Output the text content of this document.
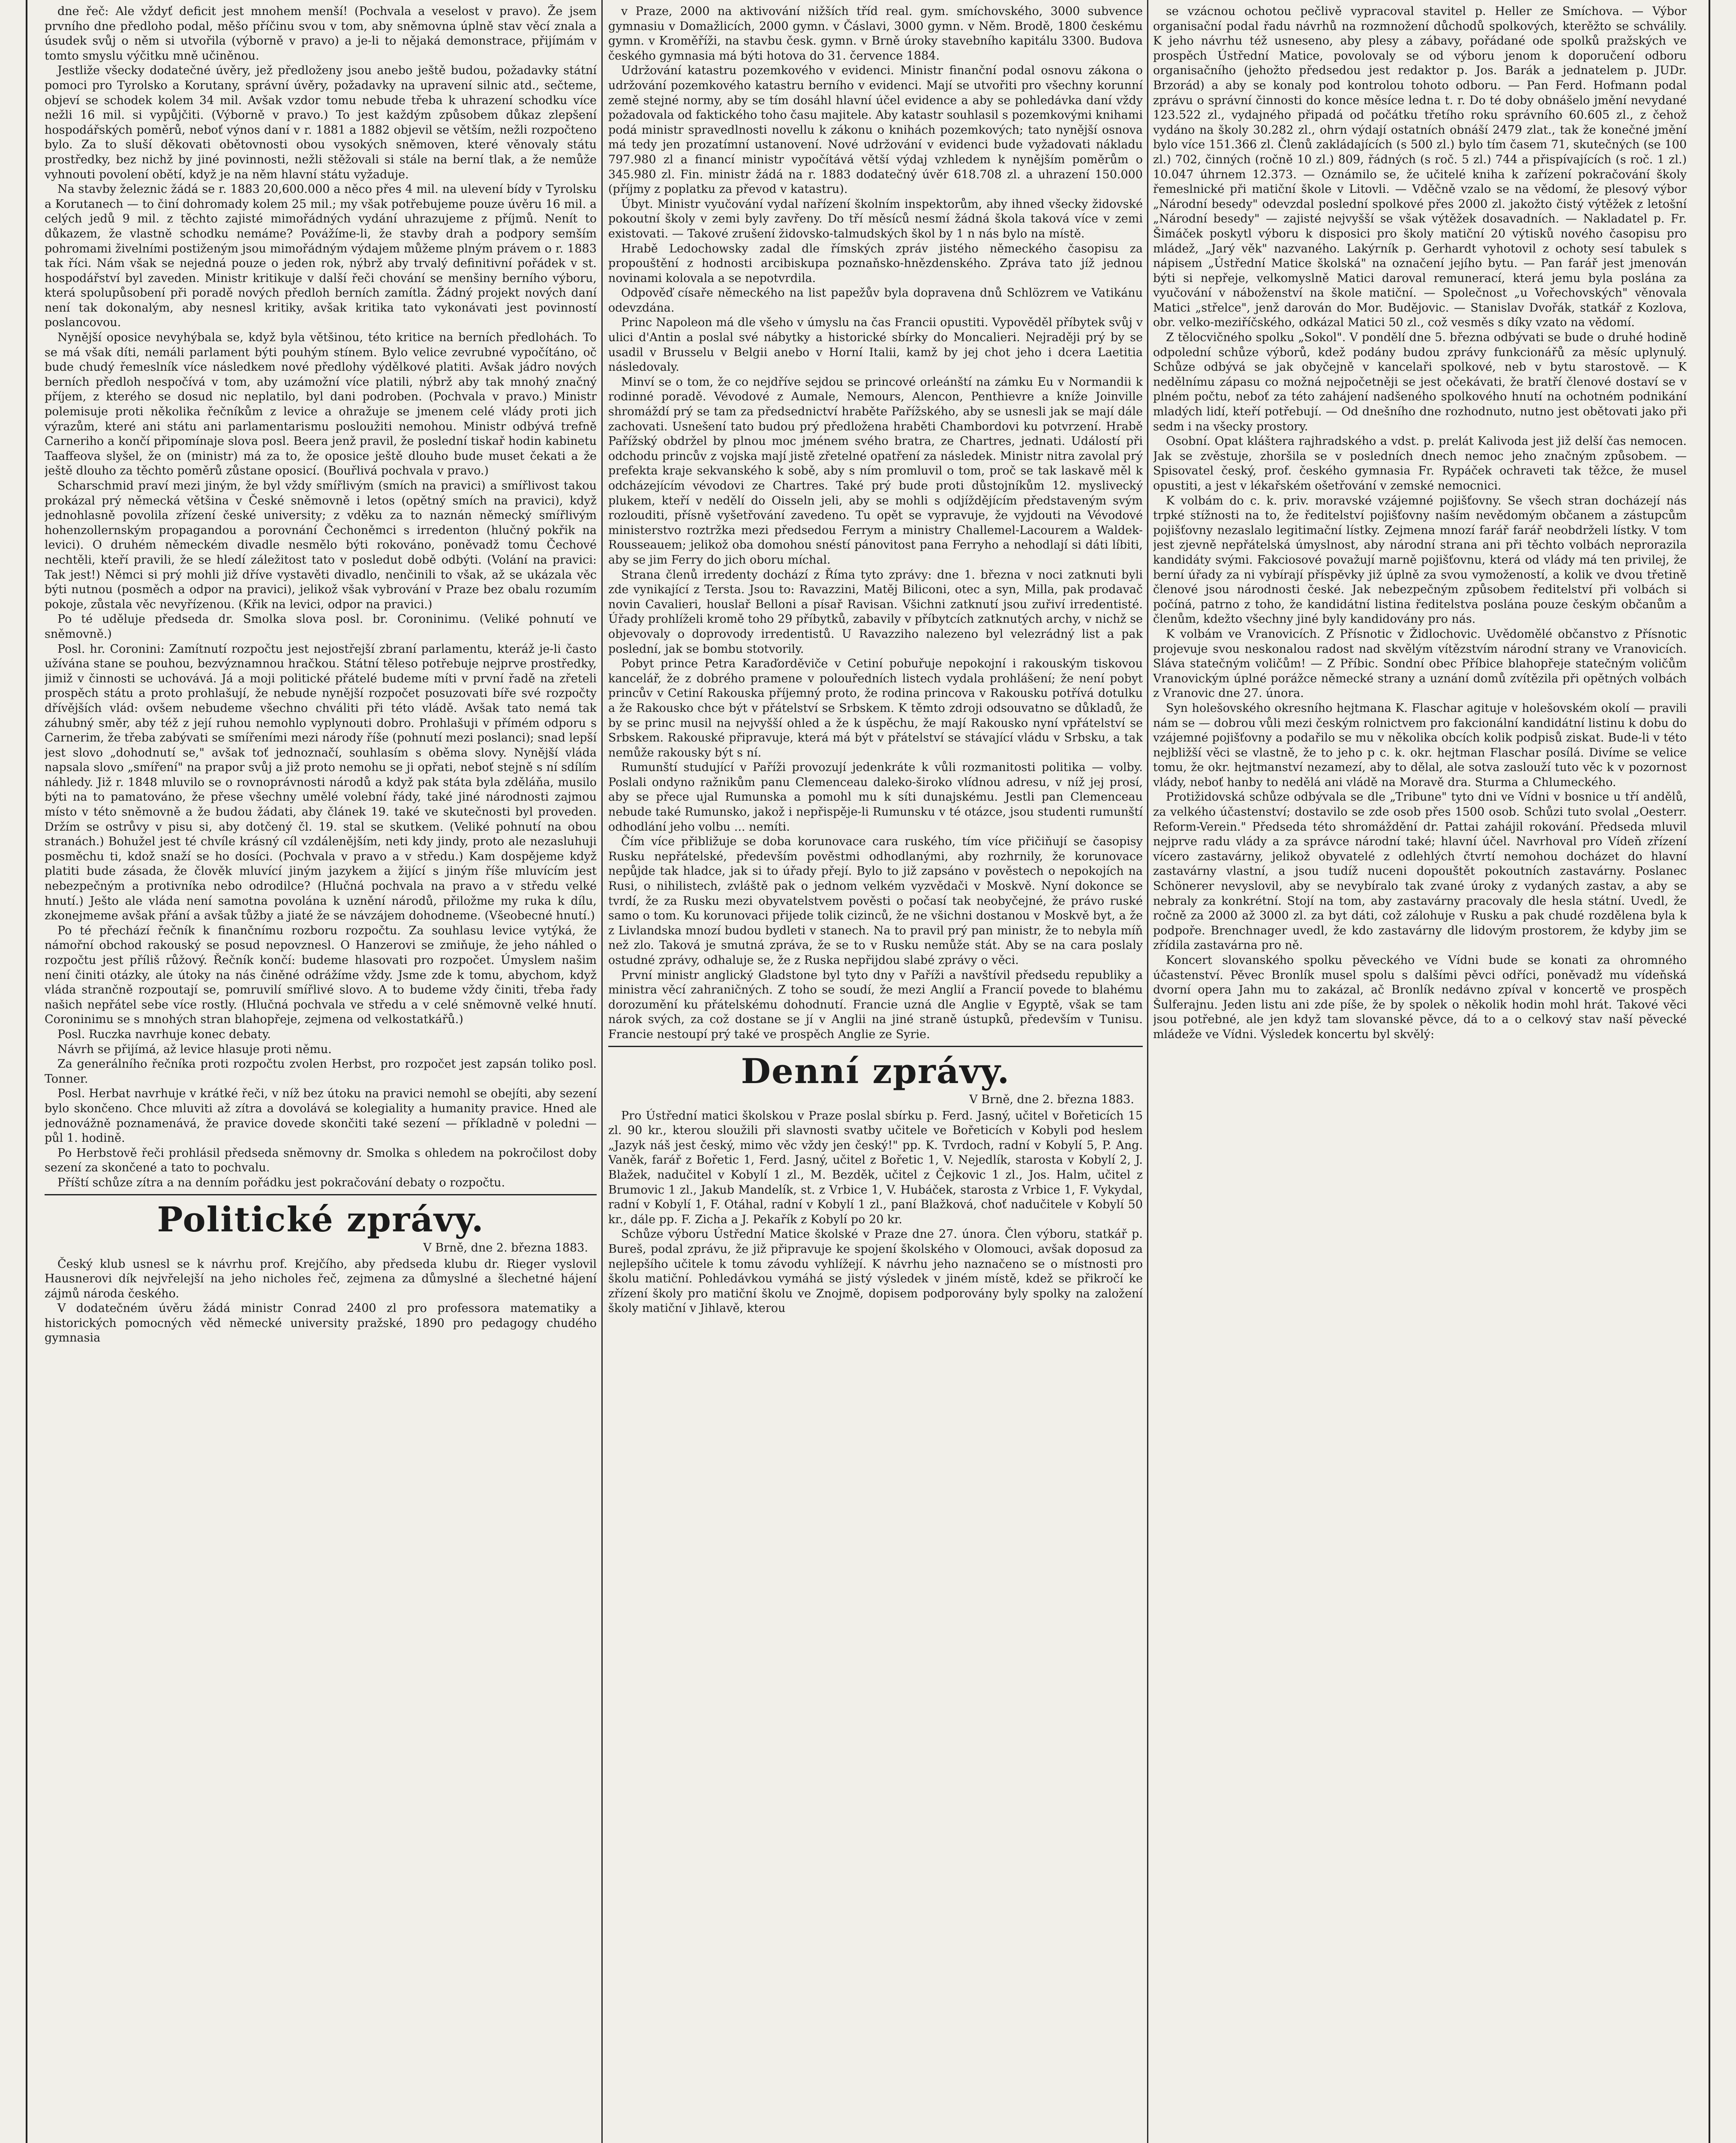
dne řeč: Ale vždyť deficit jest mnohem menší! (Pochvala a veselost v pravo). Že jsem prvního dne předloho podal, měšo příčinu svou v tom, aby sněmovna úplně stav věcí znala a úsudek svůj o něm si utvořila (výborně v pravo) a je-li to nějaká demonstrace, přijímám v tomto smyslu výčitku mně učiněnou.

Jestliže všecky dodatečné úvěry, jež předloženy jsou anebo ještě budou, požadavky státní pomoci pro Tyrolsko a Korutany, správní úvěry, požadavky na upravení silnic atd., sečteme, objeví se schodek kolem 34 mil. Avšak vzdor tomu nebude třeba k uhrazení schodku více nežli 16 mil. si vypůjčiti. (Výborně v pravo.) To jest každým způsobem důkaz zlepšení hospodářských poměrů, neboť výnos daní v r. 1881 a 1882 objevil se větším, nežli rozpočteno bylo. Za to sluší děkovati obětovnosti obou vysokých sněmoven, které věnovaly státu prostředky, bez nichž by jiné povinnosti, nežli stěžovali si stále na berní tlak, a že nemůže vyhnouti povolení obětí, když je na něm hlavní státu vyžaduje.

Na stavby železnic žádá se r. 1883 20,600.000 a něco přes 4 mil. na ulevení bídy v Tyrolsku a Korutanech — to činí dohromady kolem 25 mil.; my však potřebujeme pouze úvěru 16 mil. a celých jedů 9 mil. z těchto zajisté mimořádných vydání uhrazujeme z příjmů. Nenít to důkazem, že vlastně schodku nemáme? Povážíme-li, že stavby drah a podpory semším pohromami živelními postiženým jsou mimořádným výdajem můžeme plným právem o r. 1883 tak říci. Nám však se nejedná pouze o jeden rok, nýbrž aby trvalý definitivní pořádek v st. hospodářství byl zaveden. Ministr kritikuje v další řeči chování se menšiny berního výboru, která spolupůsobení při poradě nových předloh berních zamítla. Žádný projekt nových daní není tak dokonalým, aby nesnesl kritiky, avšak kritika tato vykonávati jest povinností poslancovou.

Nynější oposice nevyhýbala se, když byla většinou, této kritice na berních předlohách. To se má však díti, nemáli parlament býti pouhým stínem. Bylo velice zevrubné vypočítáno, oč bude chudý řemeslník více následkem nové předlohy výdělkové platiti. Avšak jádro nových berních předloh nespočívá v tom, aby uzámožní více platili, nýbrž aby tak mnohý značný příjem, z kterého se dosud nic neplatilo, byl dani podroben. (Pochvala v pravo.) Ministr polemisuje proti několika řečníkům z levice a ohražuje se jmenem celé vlády proti jich výrazům, které ani státu ani parlamentarismu posloužiti nemohou. Ministr odbývá trefně Carneriho a končí připomínaje slova posl. Beera jenž pravil, že poslední tiskař hodin kabinetu Taaffeova slyšel, že on (ministr) má za to, že oposice ještě dlouho bude muset čekati a že ještě dlouho za těchto poměrů zůstane oposicí. (Bouřlivá pochvala v pravo.)

Scharschmid praví mezi jiným, že byl vždy smířlivým (smích na pravici) a smířlivost takou prokázal prý německá většina v České sněmovně i letos (opětný smích na pravici), když jednohlasně povolila zřízení české university; z vděku za to naznán německý smířlivým hohenzollernským propagandou a porovnání Čechoněmci s irredenton (hlučný pokřik na levici). O druhém německém divadle nesmělo býti rokováno, poněvadž tomu Čechové nechtěli, kteří pravili, že se hledí záležitost tato v posledut době odbýti. (Volání na pravici: Tak jest!) Němci si prý mohli již dříve vystavěti divadlo, nenčinili to však, až se ukázala věc býti nutnou (posměch a odpor na pravici), jelikož však vybrování v Praze bez obalu rozumím pokoje, zůstala věc nevyřízenou. (Křik na levici, odpor na pravici.)

Po té uděluje předseda dr. Smolka slova posl. br. Coroninimu. (Veliké pohnutí ve sněmovně.)

Posl. hr. Coronini: Zamítnutí rozpočtu jest nejostřejší zbraní parlamentu, kteráž je-li často užívána stane se pouhou, bezvýznamnou hračkou. Státní těleso potřebuje nejprve prostředky, jimiž v činnosti se uchovává. Já a moji politické přátelé budeme míti v první řadě na zřeteli prospěch státu a proto prohlašují, že nebude nynější rozpočet posuzovati bíře své rozpočty dřívějších vlád: ovšem nebudeme všechno chváliti při této vládě. Avšak tato nemá tak záhubný směr, aby též z její ruhou nemohlo vyplynouti dobro. Prohlašuji v přímém odporu s Carnerim, že třeba zabývati se smířeními mezi národy říše (pohnutí mezi poslanci); snad lepší jest slovo „dohodnutí se," avšak toť jednoznačí, souhlasím s oběma slovy. Nynější vláda napsala slovo „smíření" na prapor svůj a již proto nemohu se ji opřati, neboť stejně s ní sdílím náhledy. Již r. 1848 mluvilo se o rovnoprávnosti národů a když pak státa byla zděláňa, musilo býti na to pamatováno, že přese všechny umělé volební řády, také jiné národnosti zajmou místo v této sněmovně a že budou žádati, aby článek 19. také ve skutečnosti byl proveden. Držím se ostrůvy v pisu si, aby dotčený čl. 19. stal se skutkem. (Veliké pohnutí na obou stranách.) Bohužel jest té chvíle krásný cíl vzdálenějším, neti kdy jindy, proto ale nezasluhuji posměchu ti, kdož snaží se ho dosíci. (Pochvala v pravo a v středu.) Kam dospějeme když platiti bude zásada, že člověk mluvící jiným jazykem a žijící s jiným říše mluvícím jest nebezpečným a protivníka nebo odrodilce? (Hlučná pochvala na pravo a v středu velké hnutí.) Ješto ale vláda není samotna povolána k uznění národů, přiložme my ruka k dílu, zkonejmeme avšak přání a avšak tůžby a jiaté že se návzájem dohodneme. (Všeobecné hnutí.)

Po té přechází řečník k finančnímu rozboru rozpočtu. Za souhlasu levice vytýká, že námořní obchod rakouský se posud nepovznesl. O Hanzerovi se zmiňuje, že jeho náhled o rozpočtu jest příliš růžový. Řečník končí: budeme hlasovati pro rozpočet. Úmyslem našim není činiti otázky, ale útoky na nás činěné odrážíme vždy. Jsme zde k tomu, abychom, když vláda strančně rozpoutají se, pomruvilí smířlivé slovo. A to budeme vždy činiti, třeba řady našich nepřátel sebe více rostly. (Hlučná pochvala ve středu a v celé sněmovně velké hnutí. Coroninimu se s mnohých stran blahopřeje, zejmena od velkostatkářů.)

Posl. Ruczka navrhuje konec debaty.

Návrh se přijímá, až levice hlasuje proti němu.

Za generálního řečníka proti rozpočtu zvolen Herbst, pro rozpočet jest zapsán toliko posl. Tonner.

Posl. Herbat navrhuje v krátké řeči, v níž bez útoku na pravici nemohl se obejíti, aby sezení bylo skončeno. Chce mluviti až zítra a dovolává se kolegiality a humanity pravice. Hned ale jednovážně poznamenává, že pravice dovede skončiti také sezení — příkladně v poledni — půl 1. hodině.

Po Herbstově řeči prohlásil předseda sněmovny dr. Smolka s ohledem na pokročilost doby sezení za skončené a tato to pochvalu.

Příští schůze zítra a na denním pořádku jest pokračování debaty o rozpočtu.

Politické zprávy.
V Brně, dne 2. března 1883.

Český klub usnesl se k návrhu prof. Krejčího, aby předseda klubu dr. Rieger vyslovil Hausnerovi dík nejvřelejší na jeho nicholes řeč, zejmena za důmyslné a šlechetné hájení zájmů národa českého.

V dodatečném úvěru žádá ministr Conrad 2400 zl pro professora matematiky a historických pomocných věd německé university pražské, 1890 pro pedagogy chudého gymnasia

v Praze, 2000 na aktivování nižších tříd real. gym. smíchovského, 3000 subvence gymnasiu v Domažlicích, 2000 gymn. v Čáslavi, 3000 gymn. v Něm. Brodě, 1800 českému gymn. v Kroměříži, na stavbu česk. gymn. v Brně úroky stavebního kapitálu 3300. Budova českého gymnasia má býti hotova do 31. července 1884.

Udržování katastru pozemkového v evidenci. Ministr finanční podal osnovu zákona o udržování pozemkového katastru berního v evidenci. Mají se utvořiti pro všechny korunní země stejné normy, aby se tím dosáhl hlavní účel evidence a aby se pohledávka daní vždy požadovala od faktického toho času majitele. Aby katastr souhlasil s pozemkovými knihami podá ministr spravedlnosti novellu k zákonu o knihách pozemkových; tato nynější osnova má tedy jen prozatímní ustanovení. Nové udržování v evidenci bude vyžadovati nákladu 797.980 zl a financí ministr vypočítává větší výdaj vzhledem k nynějším poměrům o 345.980 zl. Fin. ministr žádá na r. 1883 dodatečný úvěr 618.708 zl. a uhrazení 150.000 (příjmy z poplatku za převod v katastru).

Úbyt. Ministr vyučování vydal nařízení školním inspektorům, aby ihned všecky židovské pokoutní školy v zemi byly zavřeny. Do tří měsíců nesmí žádná škola taková více v zemi existovati. — Takové zrušení židovsko-talmudských škol by 1 n nás bylo na místě.

Hrabě Ledochowsky zadal dle římských zpráv jistého německého časopisu za propouštění z hodnosti arcibiskupa poznaňsko-hnězdenského. Zpráva tato jíž jednou novinami kolovala a se nepotvrdila.

Odpověď císaře německého na list papežův byla dopravena dnů Schlözrem ve Vatikánu odevzdána.

Princ Napoleon má dle všeho v úmyslu na čas Francii opustiti. Vypověděl příbytek svůj v ulici d'Antin a poslal své nábytky a historické sbírky do Moncalieri. Nejraději prý by se usadil v Brusselu v Belgii anebo v Horní Italii, kamž by jej chot jeho i dcera Laetitia následovaly.

Minví se o tom, že co nejdříve sejdou se princové orleánští na zámku Eu v Normandii k rodinné poradě. Vévodové z Aumale, Nemours, Alencon, Penthievre a kníže Joinville shromáždí prý se tam za předsednictví hraběte Pařížského, aby se usnesli jak se mají dále zachovati. Usnešení tato budou prý předložena hraběti Chambordovi ku potvrzení. Hrabě Pařížský obdržel by plnou moc jménem svého bratra, ze Chartres, jednati. Událostí při odchodu princův z vojska mají jistě zřetelné opatření za následek. Ministr nitra zavolal prý prefekta kraje sekvanského k sobě, aby s ním promluvil o tom, proč se tak laskavě měl k odcházejícím vévodovi ze Chartres. Také prý bude proti důstojníkům 12. myslivecký plukem, kteří v nedělí do Oisseln jeli, aby se mohli s odjíždějícím představeným svým rozlouditi, přísně vyšetřování zavedeno. Tu opět se vypravuje, že vyjdouti na Vévodové ministerstvo roztržka mezi předsedou Ferrym a ministry Challemel-Lacourem a Waldek-Rousseauem; jelikož oba domohou snéstí pánovitost pana Ferryho a nehodlají si dáti líbiti, aby se jim Ferry do jich oboru míchal.

Strana členů irredenty dochází z Říma tyto zprávy: dne 1. března v noci zatknuti byli zde vynikající z Tersta. Jsou to: Ravazzini, Matěj Biliconi, otec a syn, Milla, pak prodavač novin Cavalieri, houslař Belloni a písař Ravisan. Všichni zatknutí jsou zuřiví irredentisté. Úřady prohlíželi kromě toho 29 příbytků, zabavily v příbytcích zatknutých archy, v nichž se objevovaly o doprovody irredentistů. U Ravazziho nalezeno byl velezrádný list a pak poslední, jak se bombu stotvorily.

Pobyt prince Petra Karaďorděviče v Cetiní pobuřuje nepokojní i rakouským tiskovou kancelář, že z dobrého pramene v polouředních listech vydala prohlášení; že není pobyt princův v Cetiní Rakouska příjemný proto, že rodina princova v Rakousku potřívá dotulku a že Rakousko chce být v přátelství se Srbskem. K těmto zdroji odsouvatno se důkladů, že by se princ musil na nejvyšší ohled a že k úspěchu, že mají Rakousko nyní vpřátelství se Srbskem. Rakouské připravuje, která má být v přátelství se stávající vládu v Srbsku, a tak nemůže rakousky být s ní.

Rumunští studující v Paříži provozují jedenkráte k vůli rozmanitosti politika — volby. Poslali ondyno ražnikům panu Clemenceau daleko-široko vlídnou adresu, v níž jej prosí, aby se přece ujal Rumunska a pomohl mu k síti dunajskému. Jestli pan Clemenceau nebude také Rumunsko, jakož i nepřispěje-li Rumunsku v té otázce, jsou studenti rumunští odhodlání jeho volbu ... nemíti.

Čím více přibližuje se doba korunovace cara ruského, tím více přičiňují se časopisy Rusku nepřátelské, především pověstmi odhodlanými, aby rozhrnily, že korunovace nepůjde tak hladce, jak si to úřady přejí. Bylo to již zapsáno v pověstech o nepokojích na Rusi, o nihilistech, zvláště pak o jednom velkém vyzvědači v Moskvě. Nyní dokonce se tvrdí, že za Rusku mezi obyvatelstvem pověsti o počasí tak neobyčejné, že právo ruské samo o tom. Ku korunovaci přijede tolik cizinců, že ne všichni dostanou v Moskvě byt, a že z Livlandska mnozí budou bydleti v stanech. Na to pravil prý pan ministr, že to nebyla míň než zlo. Taková je smutná zpráva, že se to v Rusku nemůže stát. Aby se na cara poslaly ostudné zprávy, odhaluje se, že z Ruska nepřijdou slabé zprávy o věci.

První ministr anglický Gladstone byl tyto dny v Paříži a navštívil předsedu republiky a ministra věcí zahraničných. Z toho se soudí, že mezi Anglií a Francií povede to blahému dorozumění ku přátelskému dohodnutí. Francie uzná dle Anglie v Egyptě, však se tam nárok svých, za což dostane se jí v Anglii na jiné straně ústupků, především v Tunisu. Francie nestoupí prý také ve prospěch Anglie ze Syrie.

Denní zprávy.
V Brně, dne 2. března 1883.

Pro Ústřední matici školskou v Praze poslal sbírku p. Ferd. Jasný, učitel v Bořeticích 15 zl. 90 kr., kterou sloužili při slavnosti svatby učitele ve Bořeticích v Kobyli pod heslem „Jazyk náš jest český, mimo věc vždy jen český!" pp. K. Tvrdoch, radní v Kobylí 5, P. Ang. Vaněk, farář z Bořetic 1, Ferd. Jasný, učitel z Bořetic 1, V. Nejedlík, starosta v Kobylí 2, J. Blažek, nadučitel v Kobylí 1 zl., M. Bezděk, učitel z Čejkovic 1 zl., Jos. Halm, učitel z Brumovic 1 zl., Jakub Mandelík, st. z Vrbice 1, V. Hubáček, starosta z Vrbice 1, F. Vykydal, radní v Kobylí 1, F. Otáhal, radní v Kobylí 1 zl., paní Blažková, choť nadučitele v Kobylí 50 kr., dále pp. F. Zicha a J. Pekařík z Kobylí po 20 kr.

Schůze výboru Ústřední Matice školské v Praze dne 27. února. Člen výboru, statkář p. Bureš, podal zprávu, že již připravuje ke spojení školského v Olomouci, avšak doposud za nejlepšího učitele k tomu závodu vyhlížejí. K návrhu jeho naznačeno se o místnosti pro školu matiční. Pohledávkou vymáhá se jistý výsledek v jiném místě, kdež se přikročí ke zřízení školy pro matiční školu ve Znojmě, dopisem podporovány byly spolky na založení školy matiční v Jihlavě, kterou

se vzácnou ochotou pečlivě vypracoval stavitel p. Heller ze Smíchova. — Výbor organisační podal řadu návrhů na rozmnožení důchodů spolkových, kterěžto se schválily. K jeho návrhu též usneseno, aby plesy a zábavy, pořádané ode spolků pražských ve prospěch Ústřední Matice, povolovaly se od výboru jenom k doporučení odboru organisačního (jehožto předsedou jest redaktor p. Jos. Barák a jednatelem p. JUDr. Brzorád) a aby se konaly pod kontrolou tohoto odboru. — Pan Ferd. Hofmann podal zprávu o správní činnosti do konce měsíce ledna t. r. Do té doby obnášelo jmění nevydané 123.522 zl., vydajného připadá od počátku třetího roku správního 60.605 zl., z čehož vydáno na školy 30.282 zl., ohrn výdají ostatních obnáší 2479 zlat., tak že konečné jmění bylo více 151.366 zl. Členů zakládajících (s 500 zl.) bylo tím časem 71, skutečných (se 100 zl.) 702, činných (ročně 10 zl.) 809, řádných (s roč. 5 zl.) 744 a přispívajících (s roč. 1 zl.) 10.047 úhrnem 12.373. — Oznámilo se, že učitelé kniha k zařízení pokračování školy řemeslnické při matiční škole v Litovli. — Vděčně vzalo se na vědomí, že plesový výbor „Národní besedy" odevzdal poslední spolkové přes 2000 zl. jakožto čistý výtěžek z letošní „Národní besedy" — zajisté nejvyšší se však výtěžek dosavadních. — Nakladatel p. Fr. Šimáček poskytl výboru k disposici pro školy matiční 20 výtisků nového časopisu pro mládež, „Jarý věk" nazvaného. Lakýrník p. Gerhardt vyhotovil z ochoty sesí tabulek s nápisem „Ústřední Matice školská" na označení jejího bytu. — Pan farář jest jmenován býti si nepřeje, velkomyslně Matici daroval remunerací, která jemu byla poslána za vyučování v náboženství na škole matiční. — Společnost „u Vořechovských" věnovala Matici „střelce", jenž darován do Mor. Budějovic. — Stanislav Dvořák, statkář z Kozlova, obr. velko-meziříčského, odkázal Matici 50 zl., což vesměs s díky vzato na vědomí.

Z tělocvičného spolku „Sokol". V pondělí dne 5. března odbývati se bude o druhé hodině odpolední schůze výborů, kdež podány budou zprávy funkcionářů za měsíc uplynulý. Schůze odbývá se jak obyčejně v kancelaři spolkové, neb v bytu starostově. — K nedělnímu zápasu co možná nejpočetněji se jest očekávati, že bratří členové dostaví se v plném počtu, neboť za této zahájení nadšeného spolkového hnutí na ochotném podnikání mladých lidí, kteří potřebují. — Od dnešního dne rozhodnuto, nutno jest obětovati jako při sedm i na všecky prostory.

Osobní. Opat kláštera rajhradského a vdst. p. prelát Kalivoda jest již delší čas nemocen. Jak se zvěstuje, zhoršila se v posledních dnech nemoc jeho značným způsobem. — Spisovatel český, prof. českého gymnasia Fr. Rypáček ochraveti tak těžce, že musel opustiti, a jest v lékařském ošetřování v zemské nemocnici.

K volbám do c. k. priv. moravské vzájemné pojišťovny. Se všech stran docházejí nás trpké stížnosti na to, že ředitelství pojišťovny naším nevědomým občanem a zástupcům pojišťovny nezaslalo legitimační lístky. Zejmena mnozí farář farář neobdrželi lístky. V tom jest zjevně nepřátelská úmyslnost, aby národní strana ani při těchto volbách neprorazila kandidáty svými. Fakciosové považují marně pojišťovnu, která od vlády má ten privilej, že berní úřady za ni vybírají příspěvky již úplně za svou vymožeností, a kolik ve dvou třetině členové jsou národnosti české. Jak nebezpečným způsobem ředitelství při volbách si počíná, patrno z toho, že kandidátní listina ředitelstva poslána pouze českým občanům a členům, kdežto všechny jiné byly kandidovány pro nás.

K volbám ve Vranovicích. Z Přísnotic v Židlochovic. Uvědomělé občanstvo z Přísnotic projevuje svou neskonalou radost nad skvělým vítězstvím národní strany ve Vranovicích. Sláva statečným voličům! — Z Příbic. Sondní obec Příbice blahopřeje statečným voličům Vranovickým úplné porážce německé strany a uznání domů zvítězila při opětných volbách z Vranovic dne 27. února.

Syn holešovského okresního hejtmana K. Flaschar agituje v holešovském okolí — pravili nám se — dobrou vůli mezi českým rolnictvem pro fakcionální kandidátní listinu k dobu do vzájemné pojišťovny a podařilo se mu v několika obcích kolik podpisů ziskat. Bude-li v této nejbližší věci se vlastně, že to jeho p c. k. okr. hejtman Flaschar posílá. Divíme se velice tomu, že okr. hejtmanství nezamezí, aby to dělal, ale sotva zaslouží tuto věc k v pozornost vlády, neboť hanby to nedělá ani vládě na Moravě dra. Sturma a Chlumeckého.

Protižidovská schůze odbývala se dle „Tribune" tyto dni ve Vídni v bosnice u tří andělů, za velkého účastenství; dostavilo se zde osob přes 1500 osob. Schůzi tuto svolal „Oesterr. Reform-Verein." Předseda této shromáždění dr. Pattai zahájil rokování. Předseda mluvil nejprve radu vlády a za správce národní také; hlavní účel. Navrhoval pro Vídeň zřízení vícero zastavárny, jelikož obyvatelé z odlehlých čtvrtí nemohou docházet do hlavní zastavárny vlastní, a jsou tudíž nuceni dopouštět pokoutních zastavárny. Poslanec Schönerer nevyslovil, aby se nevybíralo tak zvané úroky z vydaných zastav, a aby se nebraly za konkrétní. Stojí na tom, aby zastavárny pracovaly dle hesla státní. Uvedl, že ročně za 2000 až 3000 zl. za byt dáti, což zálohuje v Rusku a pak chudé rozdělena byla k podpoře. Brenchnager uvedl, že kdo zastavárny dle lidovým prostorem, že kdyby jim se zřídila zastavárna pro ně.

Koncert slovanského spolku pěveckého ve Vídni bude se konati za ohromného účastenství. Pěvec Bronlík musel spolu s dalšími pěvci odříci, poněvadž mu vídeňská dvorní opera Jahn mu to zakázal, ač Bronlík nedávno zpíval v koncertě ve prospěch Šulferajnu. Jeden listu ani zde píše, že by spolek o několik hodin mohl hrát. Takové věci jsou potřebné, ale jen když tam slovanské pěvce, dá to a o celkový stav naší pěvecké mládeže ve Vídni. Výsledek koncertu byl skvělý:
